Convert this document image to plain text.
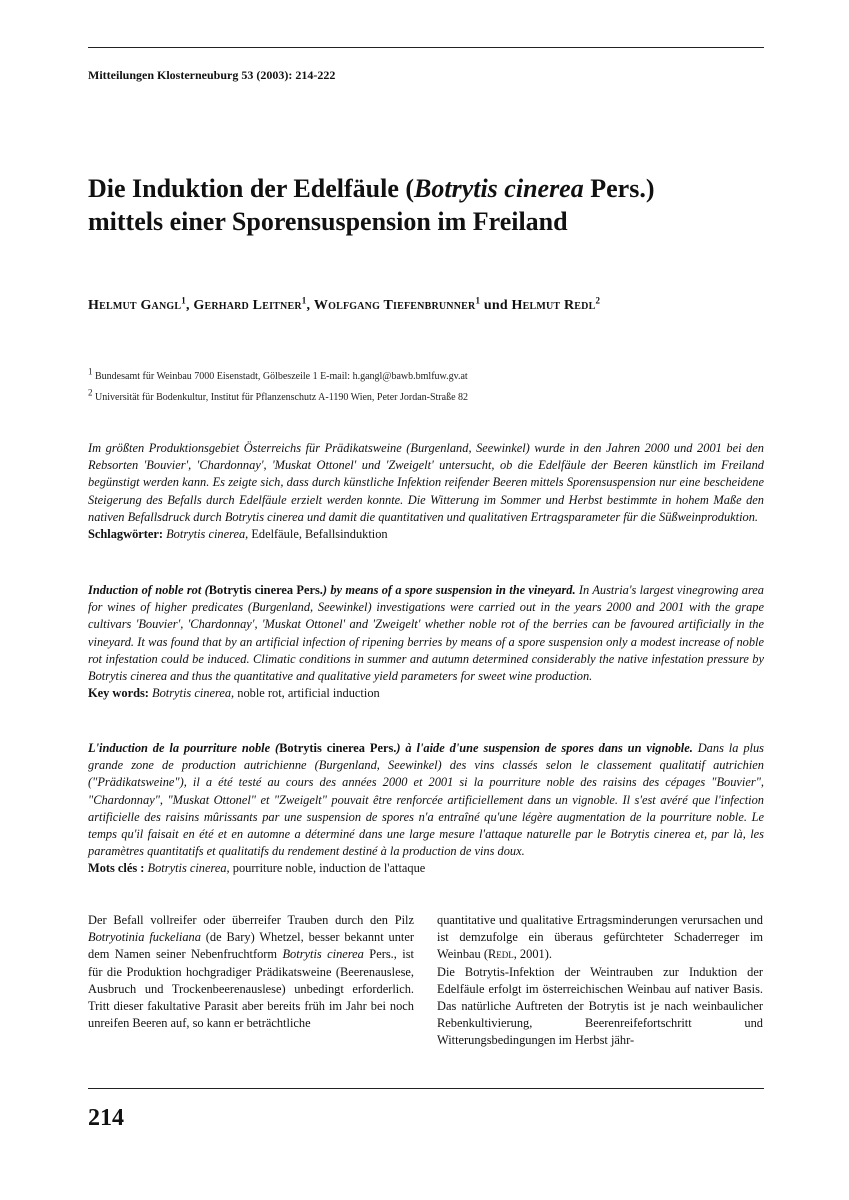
Mitteilungen Klosterneuburg 53 (2003): 214-222

Die Induktion der Edelfäule (Botrytis cinerea Pers.)
mittels einer Sporensuspension im Freiland

Helmut Gangl$^1$, Gerhard Leitner$^1$, Wolfgang Tiefenbrunner$^1$ und Helmut Redl$^2$

$^1$ Bundesamt für Weinbau 7000 Eisenstadt, Gölbeszeile 1 E-mail: h.gangl@bawb.bmlfuw.gv.at

$^2$ Universität für Bodenkultur, Institut für Pflanzenschutz A-1190 Wien, Peter Jordan-Straße 82

Im größten Produktionsgebiet Österreichs für Prädikatsweine (Burgenland, Seewinkel) wurde in den Jahren 2000 und 2001 bei den Rebsorten 'Bouvier', 'Chardonnay', 'Muskat Ottonel' und 'Zweigelt' untersucht, ob die Edelfäule der Beeren künstlich im Freiland begünstigt werden kann. Es zeigte sich, dass durch künstliche Infektion reifender Beeren mittels Sporensuspension nur eine bescheidene Steigerung des Befalls durch Edelfäule erzielt werden konnte. Die Witterung im Sommer und Herbst bestimmte in hohem Maße den nativen Befallsdruck durch Botrytis cinerea und damit die quantitativen und qualitativen Ertragsparameter für die Süßweinproduktion.
Schlagwörter: Botrytis cinerea, Edelfäule, Befallsinduktion

Induction of noble rot (Botrytis cinerea Pers.) by means of a spore suspension in the vineyard. In Austria's largest vinegrowing area for wines of higher predicates (Burgenland, Seewinkel) investigations were carried out in the years 2000 and 2001 with the grape cultivars 'Bouvier', 'Chardonnay', 'Muskat Ottonel' and 'Zweigelt' whether noble rot of the berries can be favoured artificially in the vineyard. It was found that by an artificial infection of ripening berries by means of a spore suspension only a modest increase of noble rot infestation could be induced. Climatic conditions in summer and autumn determined considerably the native infestation pressure by Botrytis cinerea and thus the quantitative and qualitative yield parameters for sweet wine production.
Key words: Botrytis cinerea, noble rot, artificial induction

L'induction de la pourriture noble (Botrytis cinerea Pers.) à l'aide d'une suspension de spores dans un vignoble. Dans la plus grande zone de production autrichienne (Burgenland, Seewinkel) des vins classés selon le classement qualitatif autrichien ("Prädikatsweine"), il a été testé au cours des années 2000 et 2001 si la pourriture noble des raisins des cépages "Bouvier", "Chardonnay", "Muskat Ottonel" et "Zweigelt" pouvait être renforcée artificiellement dans un vignoble. Il s'est avéré que l'infection artificielle des raisins mûrissants par une suspension de spores n'a entraîné qu'une légère augmentation de la pourriture noble. Le temps qu'il faisait en été et en automne a déterminé dans une large mesure l'attaque naturelle par le Botrytis cinerea et, par là, les paramètres quantitatifs et qualitatifs du rendement destiné à la production de vins doux.
Mots clés : Botrytis cinerea, pourriture noble, induction de l'attaque

Der Befall vollreifer oder überreifer Trauben durch den Pilz Botryotinia fuckeliana (de Bary) Whetzel, besser bekannt unter dem Namen seiner Nebenfruchtform Botrytis cinerea Pers., ist für die Produktion hochgradiger Prädikatsweine (Beerenauslese, Ausbruch und Trockenbeerenauslese) unbedingt erforderlich. Tritt dieser fakultative Parasit aber bereits früh im Jahr bei noch unreifen Beeren auf, so kann er beträchtliche

quantitative und qualitative Ertragsminderungen verursachen und ist demzufolge ein überaus gefürchteter Schaderreger im Weinbau (Redl, 2001).
Die Botrytis-Infektion der Weintrauben zur Induktion der Edelfäule erfolgt im österreichischen Weinbau auf nativer Basis. Das natürliche Auftreten der Botrytis ist je nach weinbaulicher Rebenkultivierung, Beerenreifefortschritt und Witterungsbedingungen im Herbst jähr-

214
